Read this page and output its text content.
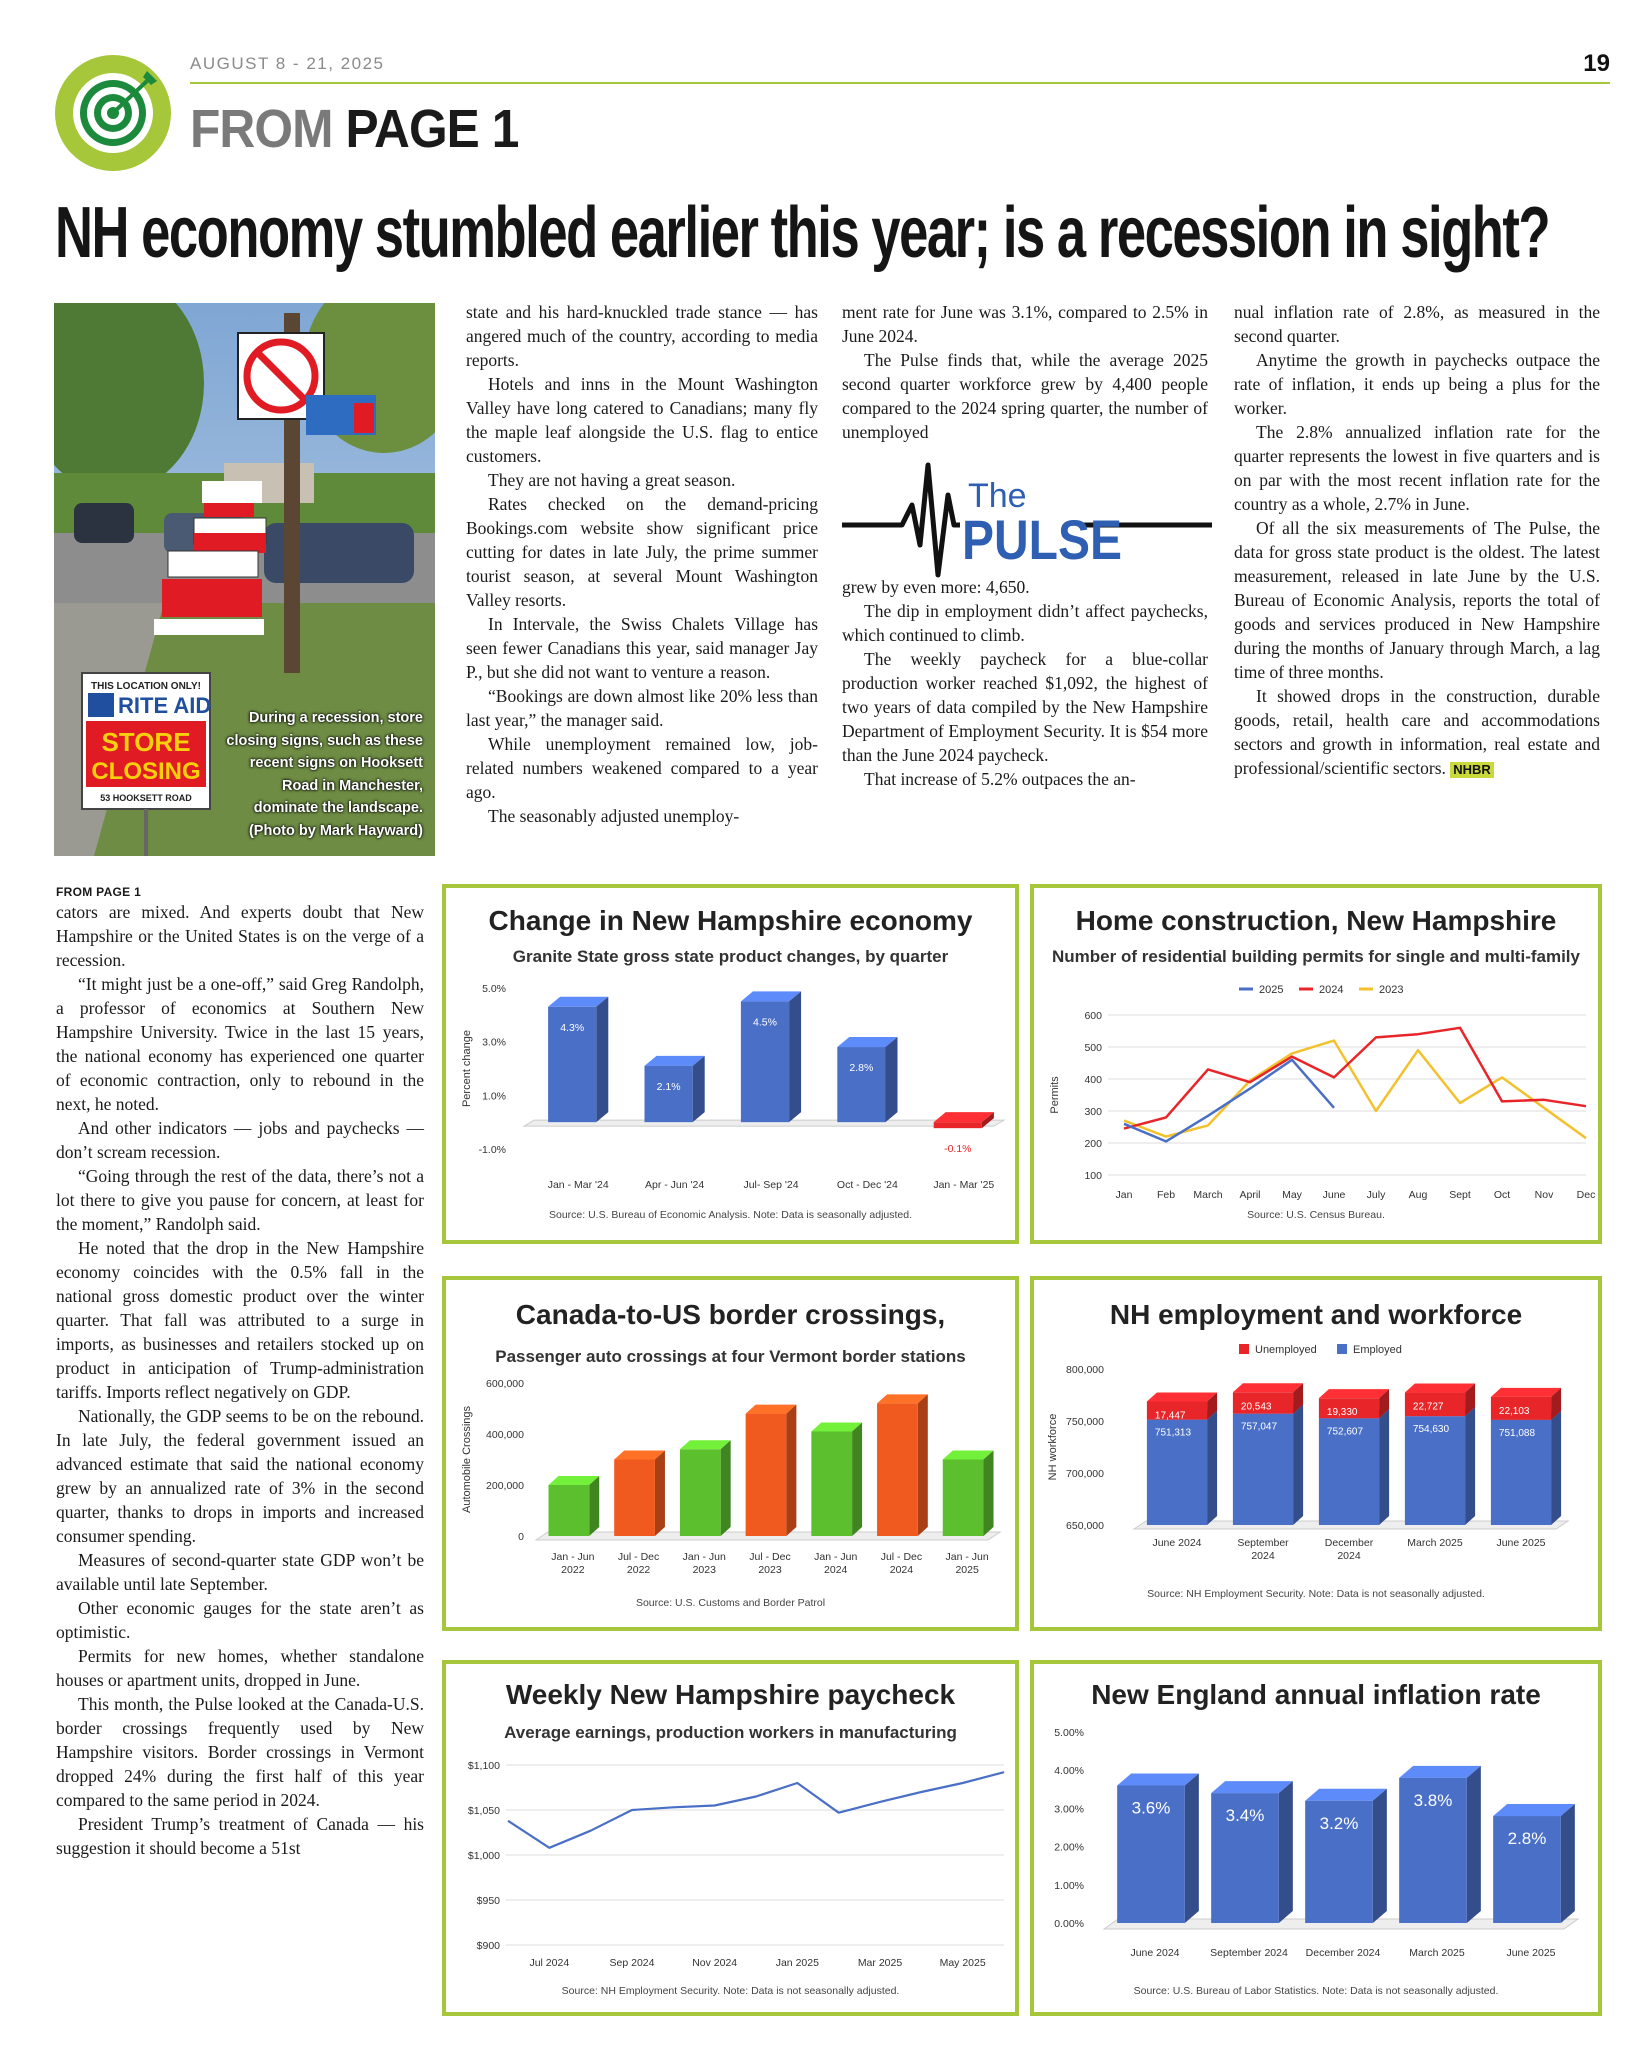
AUGUST 8 - 21, 2025	19
FROM PAGE 1
NH economy stumbled earlier this year; is a recession in sight?
THIS LOCATION ONLY!
RITE AID
STORE
CLOSING
53 HOOKSETT ROAD
During a recession, store closing signs, such as these recent signs on Hooksett Road in Manchester, dominate the landscape. (Photo by Mark Hayward)

state and his hard-knuckled trade stance — has angered much of the country, according to media reports.

Hotels and inns in the Mount Washington Valley have long catered to Canadians; many fly the maple leaf alongside the U.S. flag to entice customers.

They are not having a great season.

Rates checked on the demand-pricing Bookings.com website show significant price cutting for dates in late July, the prime summer tourist season, at several Mount Washington Valley resorts.

In Intervale, the Swiss Chalets Village has seen fewer Canadians this year, said manager Jay P., but she did not want to venture a reason.

“Bookings are down almost like 20% less than last year,” the manager said.

While unemployment remained low, job-related numbers weakened compared to a year ago.

The seasonably adjusted unemploy-

ment rate for June was 3.1%, compared to 2.5% in June 2024.

The Pulse finds that, while the average 2025 second quarter workforce grew by 4,400 people compared to the 2024 spring quarter, the number of unemployed

The
PULSE

grew by even more: 4,650.

The dip in employment didn’t affect paychecks, which continued to climb.

The weekly paycheck for a blue-collar production worker reached $1,092, the highest of two years of data compiled by the New Hampshire Department of Employment Security. It is $54 more than the June 2024 paycheck.

That increase of 5.2% outpaces the an-

nual inflation rate of 2.8%, as measured in the second quarter.

Anytime the growth in paychecks outpace the rate of inflation, it ends up being a plus for the worker.

The 2.8% annualized inflation rate for the quarter represents the lowest in five quarters and is on par with the most recent inflation rate for the country as a whole, 2.7% in June.

Of all the six measurements of The Pulse, the data for gross state product is the oldest. The latest measurement, released in late June by the U.S. Bureau of Economic Analysis, reports the total of goods and services produced in New Hampshire during the months of January through March, a lag time of three months.

It showed drops in the construction, durable goods, retail, health care and accommodations sectors and growth in information, real estate and professional/scientific sectors. NHBR

FROM PAGE 1

cators are mixed. And experts doubt that New Hampshire or the United States is on the verge of a recession.

“It might just be a one-off,” said Greg Randolph, a professor of economics at Southern New Hampshire University. Twice in the last 15 years, the national economy has experienced one quarter of economic contraction, only to rebound in the next, he noted.

And other indicators — jobs and paychecks — don’t scream recession.

“Going through the rest of the data, there’s not a lot there to give you pause for concern, at least for the moment,” Randolph said.

He noted that the drop in the New Hampshire economy coincides with the 0.5% fall in the national gross domestic product over the winter quarter. That fall was attributed to a surge in imports, as businesses and retailers stocked up on product in anticipation of Trump-administration tariffs. Imports reflect negatively on GDP.

Nationally, the GDP seems to be on the rebound. In late July, the federal government issued an advanced estimate that said the national economy grew by an annualized rate of 3% in the second quarter, thanks to drops in imports and increased consumer spending.

Measures of second-quarter state GDP won’t be available until late September.

Other economic gauges for the state aren’t as optimistic.

Permits for new homes, whether standalone houses or apartment units, dropped in June.

This month, the Pulse looked at the Canada-U.S. border crossings frequently used by New Hampshire visitors. Border crossings in Vermont dropped 24% during the first half of this year compared to the same period in 2024.

President Trump’s treatment of Canada — his suggestion it should become a 51st

Change in New Hampshire economy
Granite State gross state product changes, by quarter
5.0%
3.0%
1.0%
-1.0%
Percent change
4.3%
Jan - Mar '24
2.1%
Apr - Jun '24
4.5%
Jul- Sep '24
2.8%
Oct - Dec '24
-0.1%
Jan - Mar '25
Source: U.S. Bureau of Economic Analysis. Note: Data is seasonally adjusted.
Home construction, New Hampshire
Number of residential building permits for single and multi-family
2025	2024	2023
600
500
400
300
200
100
Permits
Jan Feb March April May June July Aug Sept Oct Nov Dec
Source: U.S. Census Bureau.
Canada-to-US border crossings,
Passenger auto crossings at four Vermont border stations
600,000
400,000
200,000
0
Automobile Crossings
Jan - Jun
2022
Jul - Dec
2022
Jan - Jun
2023
Jul - Dec
2023
Jan - Jun
2024
Jul - Dec
2024
Jan - Jun
2025
Source: U.S. Customs and Border Patrol
NH employment and workforce
Unemployed	Employed
800,000
750,000
700,000
650,000
NH workforce	17,447
751,313
June 2024
20,543
757,047
September
2024
19,330
752,607
December
2024
22,727
754,630
March 2025
22,103
751,088
June 2025
Source: NH Employment Security. Note: Data is not seasonally adjusted.
Weekly New Hampshire paycheck
Average earnings, production workers in manufacturing
$1,100
$1,050
$1,000
$950
$900
Jul 2024	Sep 2024	Nov 2024	Jan 2025	Mar 2025	May 2025
Source: NH Employment Security. Note: Data is not seasonally adjusted.
New England annual inflation rate
5.00%
4.00%
3.00%
2.00%
1.00%
0.00%
3.6%
June 2024
3.4%
September 2024
3.2%
December 2024
3.8%
March 2025
2.8%
June 2025
Source: U.S. Bureau of Labor Statistics. Note: Data is not seasonally adjusted.
